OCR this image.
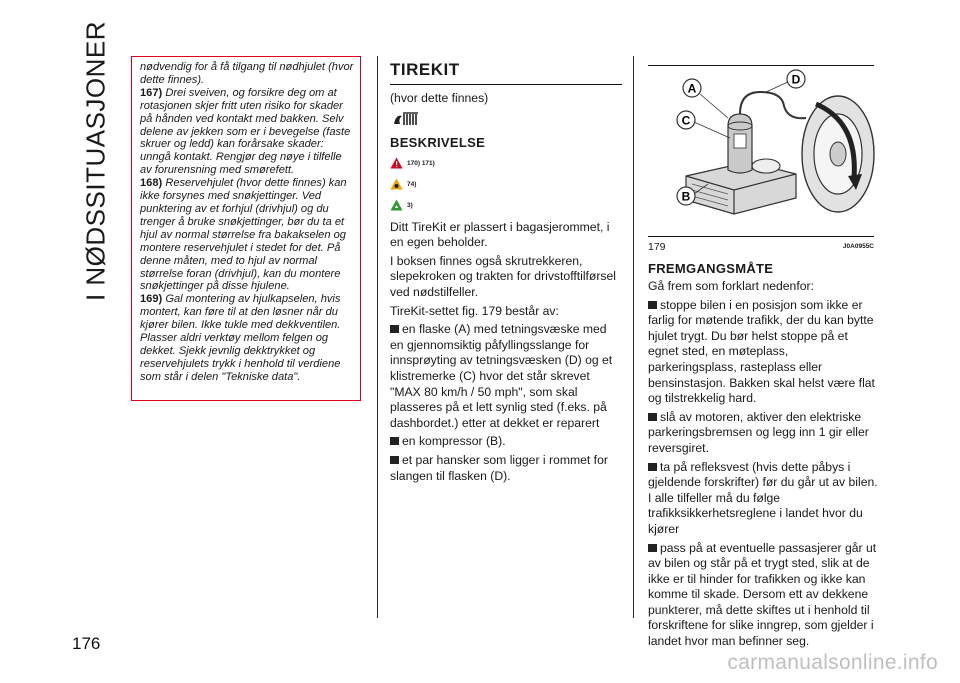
I NØDSSITUASJONER
176

nødvendig for å få tilgang til nødhjulet (hvor dette finnes).

167) Drei sveiven, og forsikre deg om at rotasjonen skjer fritt uten risiko for skader på hånden ved kontakt med bakken. Selv delene av jekken som er i bevegelse (faste skruer og ledd) kan forårsake skader: unngå kontakt. Rengjør deg nøye i tilfelle av forurensning med smørefett.

168) Reservehjulet (hvor dette finnes) kan ikke forsynes med snøkjettinger. Ved punktering av et forhjul (drivhjul) og du trenger å bruke snøkjettinger, bør du ta et hjul av normal størrelse fra bakakselen og montere reservehjulet i stedet for det. På denne måten, med to hjul av normal størrelse foran (drivhjul), kan du montere snøkjettinger på disse hjulene.

169) Gal montering av hjulkapselen, hvis montert, kan føre til at den løsner når du kjører bilen. Ikke tukle med dekkventilen. Plasser aldri verktøy mellom felgen og dekket. Sjekk jevnlig dekktrykket og reservehjulets trykk i henhold til verdiene som står i delen "Tekniske data".

TIREKIT
(hvor dette finnes)
BESKRIVELSE
170) 171)
74)
3)

Ditt TireKit er plassert i bagasjerommet, i en egen beholder.

I boksen finnes også skrutrekkeren, slepekroken og trakten for drivstofftilførsel ved nødstilfeller.

TireKit-settet fig. 179 består av:

en flaske (A) med tetningsvæske med en gjennomsiktig påfyllingsslange for innsprøyting av tetningsvæsken (D) og et klistremerke (C) hvor det står skrevet "MAX 80 km/h / 50 mph", som skal plasseres på et lett synlig sted (f.eks. på dashbordet.) etter at dekket er reparert

en kompressor (B).

et par hansker som ligger i rommet for slangen til flasken (D).

A
B
C
D
179	J0A0955C
FREMGANGSMÅTE

Gå frem som forklart nedenfor:

stoppe bilen i en posisjon som ikke er farlig for møtende trafikk, der du kan bytte hjulet trygt. Du bør helst stoppe på et egnet sted, en møteplass, parkeringsplass, rasteplass eller bensinstasjon. Bakken skal helst være flat og tilstrekkelig hard.

slå av motoren, aktiver den elektriske parkeringsbremsen og legg inn 1 gir eller reversgiret.

ta på refleksvest (hvis dette påbys i gjeldende forskrifter) før du går ut av bilen. I alle tilfeller må du følge trafikksikkerhetsreglene i landet hvor du kjører

pass på at eventuelle passasjerer går ut av bilen og står på et trygt sted, slik at de ikke er til hinder for trafikken og ikke kan komme til skade. Dersom ett av dekkene punkterer, må dette skiftes ut i henhold til forskriftene for slike inngrep, som gjelder i landet hvor man befinner seg.

carmanualsonline.info
